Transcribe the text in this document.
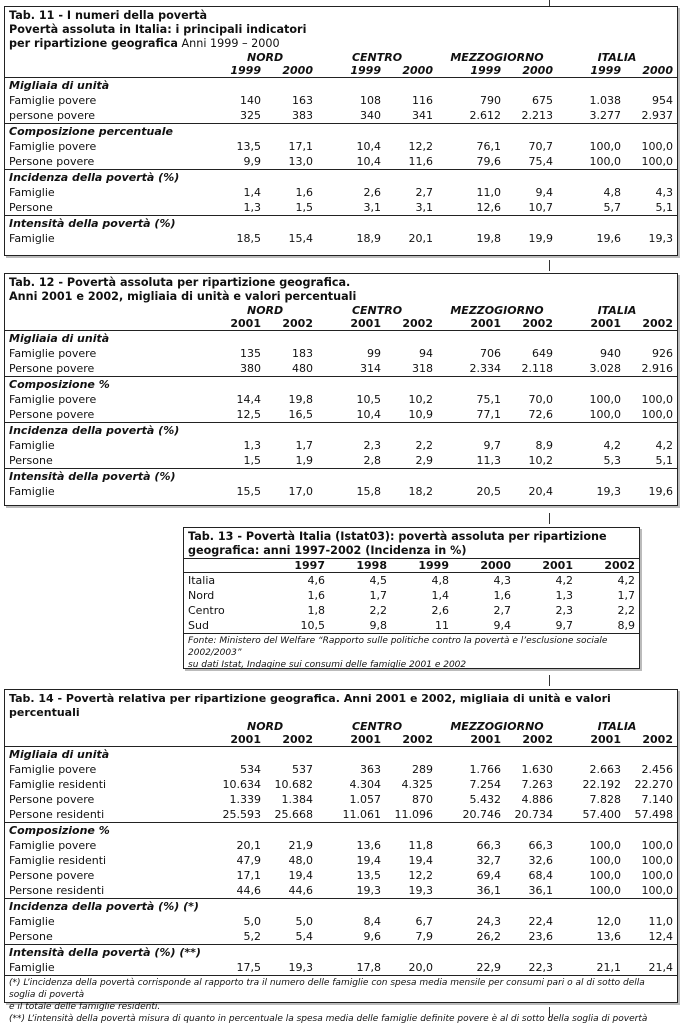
Tab. 11 - I numeri della povertà
Povertà assoluta in Italia: i principali indicatori
per ripartizione geografica Anni 1999 – 2000
	NORD		CENTRO		MEZZOGIORNO		ITALIA	
	1999	2000	1999	2000	1999	2000	1999	2000
Migliaia di unità								
Famiglie povere	140	163	108	116	790	675	1.038	954
persone povere	325	383	340	341	2.612	2.213	3.277	2.937
Composizione percentuale								
Famiglie povere	13,5	17,1	10,4	12,2	76,1	70,7	100,0	100,0
Persone povere	9,9	13,0	10,4	11,6	79,6	75,4	100,0	100,0
Incidenza della povertà (%)								
Famiglie	1,4	1,6	2,6	2,7	11,0	9,4	4,8	4,3
Persone	1,3	1,5	3,1	3,1	12,6	10,7	5,7	5,1
Intensità della povertà (%)								
Famiglie	18,5	15,4	18,9	20,1	19,8	19,9	19,6	19,3
Tab. 12 - Povertà assoluta per ripartizione geografica.
Anni 2001 e 2002, migliaia di unità e valori percentuali
	NORD		CENTRO		MEZZOGIORNO		ITALIA	
	2001	2002	2001	2002	2001	2002	2001	2002
Migliaia di unità								
Famiglie povere	135	183	99	94	706	649	940	926
Persone povere	380	480	314	318	2.334	2.118	3.028	2.916
Composizione %								
Famiglie povere	14,4	19,8	10,5	10,2	75,1	70,0	100,0	100,0
Persone povere	12,5	16,5	10,4	10,9	77,1	72,6	100,0	100,0
Incidenza della povertà (%)								
Famiglie	1,3	1,7	2,3	2,2	9,7	8,9	4,2	4,2
Persone	1,5	1,9	2,8	2,9	11,3	10,2	5,3	5,1
Intensità della povertà (%)								
Famiglie	15,5	17,0	15,8	18,2	20,5	20,4	19,3	19,6
Tab. 13 - Povertà Italia (Istat03): povertà assoluta per ripartizione
geografica: anni 1997-2002 (Incidenza in %)
	1997	1998	1999	2000	2001	2002
Italia	4,6	4,5	4,8	4,3	4,2	4,2
Nord	1,6	1,7	1,4	1,6	1,3	1,7
Centro	1,8	2,2	2,6	2,7	2,3	2,2
Sud	10,5	9,8	11	9,4	9,7	8,9
Fonte: Ministero del Welfare “Rapporto sulle politiche contro la povertà e l’esclusione sociale 2002/2003”
su dati Istat, Indagine sui consumi delle famiglie 2001 e 2002
Tab. 14 - Povertà relativa per ripartizione geografica. Anni 2001 e 2002, migliaia di unità e valori percentuali
	NORD		CENTRO		MEZZOGIORNO		ITALIA	
	2001	2002	2001	2002	2001	2002	2001	2002
Migliaia di unità								
Famiglie povere	534	537	363	289	1.766	1.630	2.663	2.456
Famiglie residenti	10.634	10.682	4.304	4.325	7.254	7.263	22.192	22.270
Persone povere	1.339	1.384	1.057	870	5.432	4.886	7.828	7.140
Persone residenti	25.593	25.668	11.061	11.096	20.746	20.734	57.400	57.498
Composizione %								
Famiglie povere	20,1	21,9	13,6	11,8	66,3	66,3	100,0	100,0
Famiglie residenti	47,9	48,0	19,4	19,4	32,7	32,6	100,0	100,0
Persone povere	17,1	19,4	13,5	12,2	69,4	68,4	100,0	100,0
Persone residenti	44,6	44,6	19,3	19,3	36,1	36,1	100,0	100,0
Incidenza della povertà (%) (*)								
Famiglie	5,0	5,0	8,4	6,7	24,3	22,4	12,0	11,0
Persone	5,2	5,4	9,6	7,9	26,2	23,6	13,6	12,4
Intensità della povertà (%) (**)								
Famiglie	17,5	19,3	17,8	20,0	22,9	22,3	21,1	21,4
(*) L’incidenza della povertà corrisponde al rapporto tra il numero delle famiglie con spesa media mensile per consumi pari o al di sotto della soglia di povertà
e il totale delle famiglie residenti.
(**) L’intensità della povertà misura di quanto in percentuale la spesa media delle famiglie definite povere è al di sotto della soglia di povertà
